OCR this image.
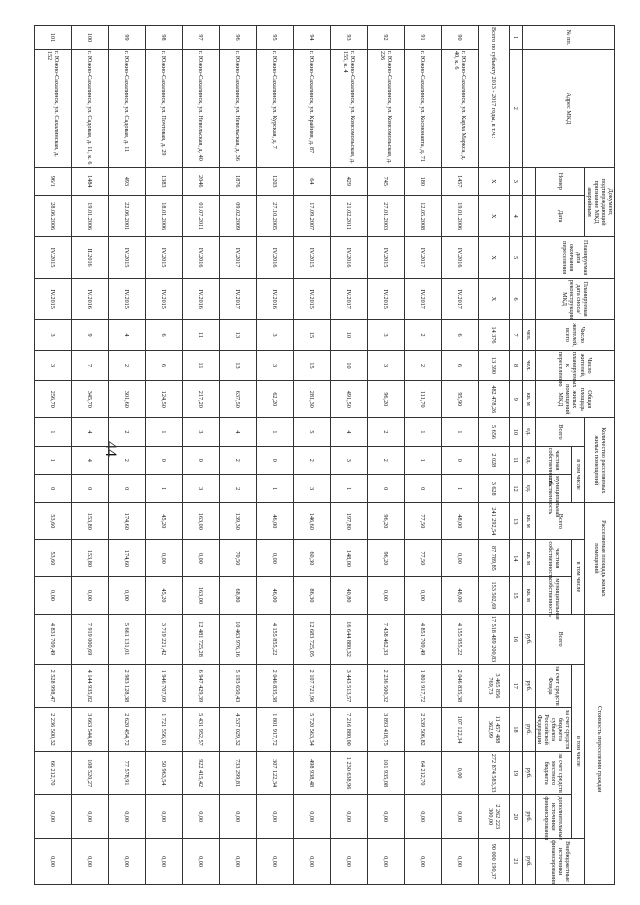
44
№ пп.	Адрес МКД	Документ, подтверждающий признание МКД аварийным		Планируемая дата окончания переселения	Планируемая дата сноса/реконструкции МКД	Число жителей, всего	Число жителей, планируемых к переселению	Общая площадь жилых помещений МКД	Количество расселяемых жилых помещений			Расселяемая площадь жилых помещений			Стоимость переселения граждан					
		Номер	Дата						Всего	в том числе		Всего	в том числе		Всего	в том числе				Внебюджетные источники финансирования
										частная собственность	муниципальная собственность		частная собственность	муниципальная собственность		за счет средств Фонда	за счет средств бюджета субъекта Российской Федерации	за счет средств местного бюджета	дополнительные источники финансирования	
						чел.	чел.	кв. м	ед.	ед.	ед.	кв. м	кв. м	кв. м	руб.	руб.	руб.	руб.	руб.	руб.
1	2	3	4	5	6	7	8	9	10	11	12	13	14	15	16	17	18	19	20	21
Всего по субъекту 2013 - 2017 годы, в т.ч.:		X	X	X	X	14 376	13 390	482 478,26	5 656	2 028	3 628	241 292,54	87 789,85	153 502,69	17 518 489 200,83	3 465 856 769,73	11 457 488 362,99	272 874 583,33	2 262 223 300,00	90 000 190,37
90	г. Южно-Сахалинск, ул. Карла Маркса, д. 40, к. 6	1457	19.01.2006	IV.2016	IV.2017	6	6	95,90	1	0	1	48,00	0,00	48,00	4 155 955,22	2 046 835,38	107 122,34	0,00	0,00	0,00
91	г. Южно-Сахалинск, ул. Космонавта, д. 71	180	12.05.2008	IV.2017	IV.2017	2	2	111,70	1	1	0	77,50	77,50	0,00	4 851 709,49	1 801 917,72	2 539 506,82	64 212,70	0,00	0,00
92	г. Южно-Сахалинск, ул. Комсомольская, д. 226	745	27.01.2003	IV.2015	IV.2015	3	3	96,20	2	2	0	96,20	96,20	0,00	7 438 462,33	2 236 500,32	3 893 418,75	101 935,08	0,00	0,00
93	г. Южно-Сахалинск, ул. Комсомольская, д. 155, к. 4	429	21.02.2011	IV.2016	IV.2017	10	10	491,50	4	3	1	197,80	148,00	40,80	16 644 880,32	3 443 513,57	7 216 880,00	1 230 638,96	0,00	0,00
94	г. Южно-Сахалинск, ул. Крайняя, д. 87	64	17.09.2007	IV.2015	IV.2015	15	15	281,30	5	2	3	146,60	60,30	86,30	12 683 725,05	2 107 721,96	5 720 563,34	498 938,48	0,00	0,00
95	г. Южно-Сахалинск, ул. Курская, д. 7	1203	27.10.2005	IV.2016	IV.2016	3	3	62,20	1	0	1	46,00	0,00	46,00	4 155 855,22	2 046 835,38	1 801 917,72	307 122,34	0,00	0,00
96	г. Южно-Сахалинск, ул. Невельская, д. 36	1876	09.02.2009	IV.2017	IV.2017	13	13	637,50	4	2	2	139,30	70,50	68,80	10 463 976,16	5 193 650,43	4 537 029,32	733 299,81	0,00	0,00
97	г. Южно-Сахалинск, ул. Невельская, д. 40	2046	01.07.2011	IV.2016	IV.2016	11	11	217,20	3	0	3	163,00	0,00	163,00	12 481 725,28	6 947 429,39	5 431 952,57	922 415,42	0,00	0,00
98	г. Южно-Сахалинск, ул. Почтовая, д. 29	1383	18.01.2006	IV.2015	IV.2015	6	6	124,50	1	0	1	45,20	0,00	45,20	3 719 221,42	1 946 707,09	1 721 556,01	50 963,54	0,00	0,00
99	г. Южно-Сахалинск, ул. Садовая, д. 11	493	22.06.2001	IV.2015	IV.2015	4	2	301,60	2	2	0	174,60	174,60	0,00	5 661 131,01	2 983 128,38	2 620 454,72	77 578,91	0,00	0,00
100	г. Южно-Сахалинск, ул. Садовая, д. 11, к. 6	1484	19.01.2006	II.2016	IV.2016	9	7	345,70	4	4	0	153,80	153,80	0,00	7 919 000,69	4 144 935,82	3 663 544,80	108 520,27	0,00	0,00
101	г. Южно-Сахалинск, ул. Сахалинская, д. 152	96/1	28.06.2006	IV.2015	IV.2015	3	3	256,70	1	1	0	53,60	53,60	0,00	4 831 709,49	2 528 998,47	2 236 500,32	66 212,70	0,00	0,00
